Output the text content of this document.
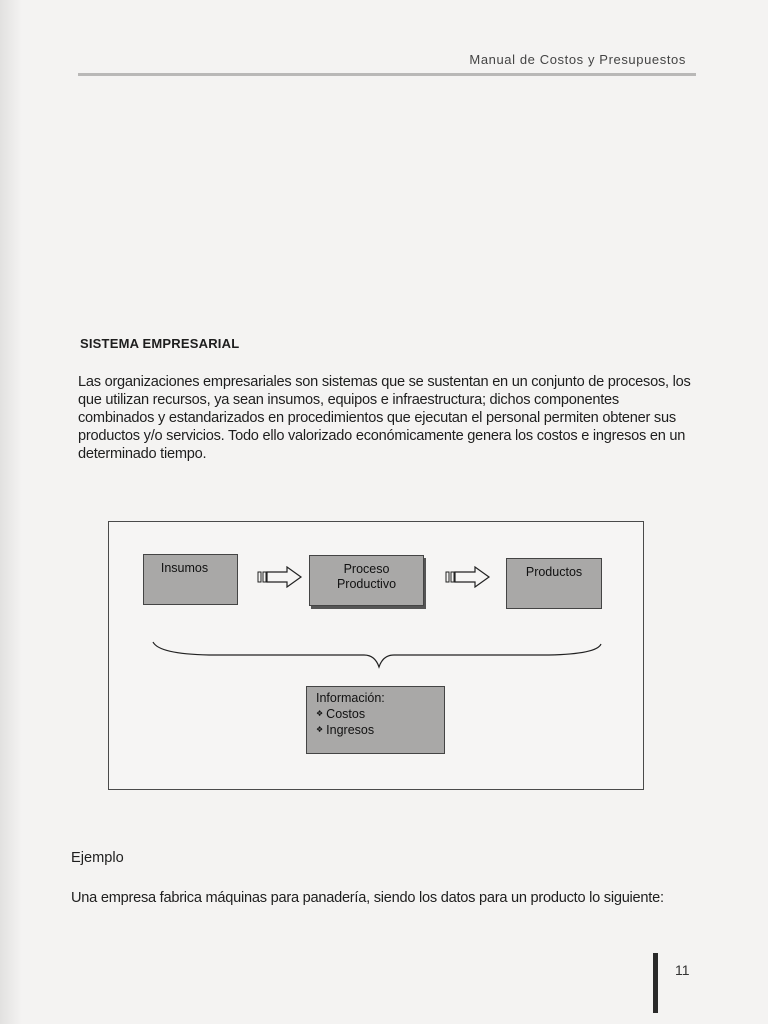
Manual de Costos y Presupuestos
SISTEMA EMPRESARIAL
Las organizaciones empresariales son sistemas que se sustentan en un conjunto de procesos, los que utilizan recursos, ya sean insumos, equipos e infraestructura; dichos componentes combinados y estandarizados en procedimientos que ejecutan el personal permiten obtener sus productos y/o servicios. Todo ello valorizado económicamente genera los costos e ingresos en un determinado tiempo.
Insumos	Proceso
Productivo
Productos
Información:
❖ Costos
❖ Ingresos
Ejemplo
Una empresa fabrica máquinas para panadería, siendo los datos para un producto lo siguiente:
11
